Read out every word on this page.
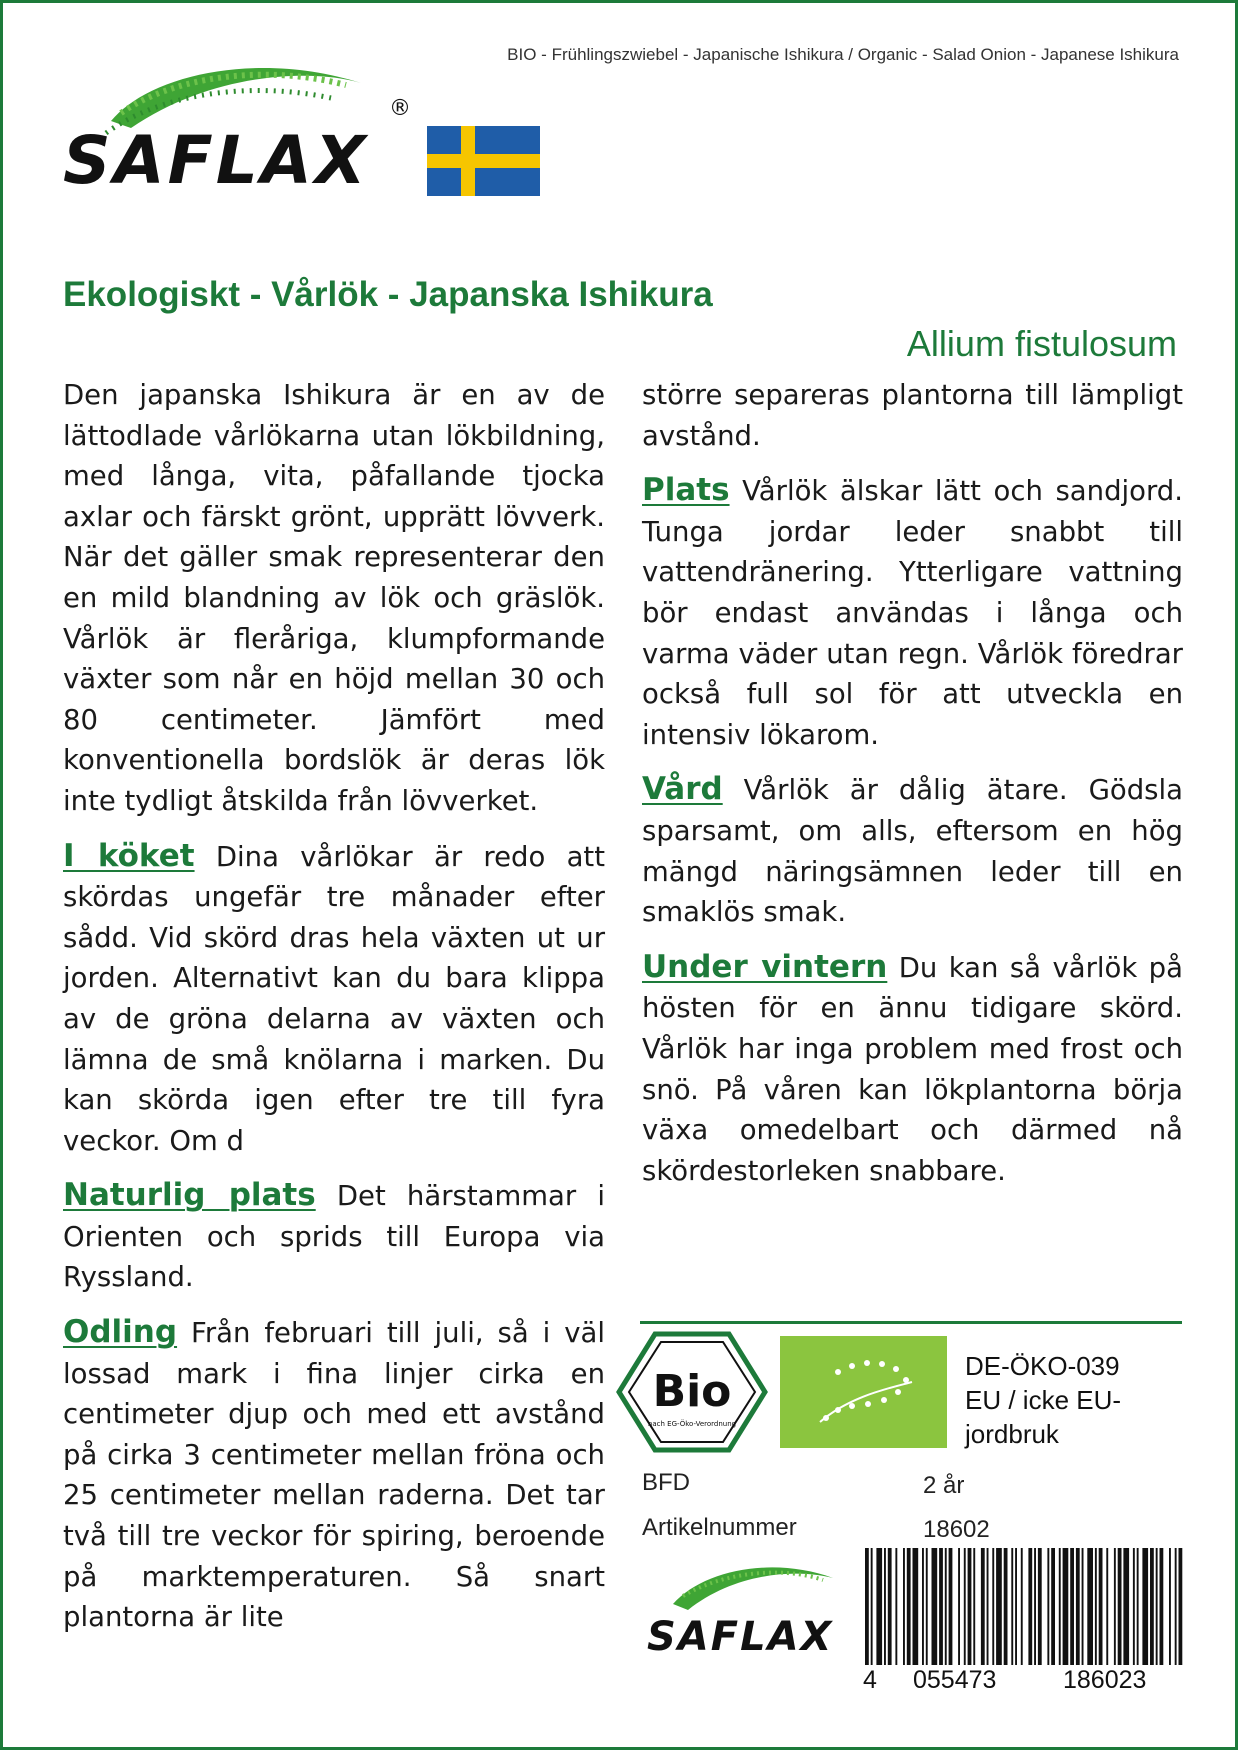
BIO - Frühlingszwiebel - Japanische Ishikura / Organic - Salad Onion - Japanese Ishikura
SAFLAX
®
Ekologiskt - Vårlök - Japanska Ishikura
Allium fistulosum

Den japanska Ishikura är en av de lättodlade vårlökarna utan lökbildning, med långa, vita, påfallande tjocka axlar och färskt grönt, upprätt lövverk. När det gäller smak representerar den en mild blandning av lök och gräslök. Vårlök är fleråriga, klumpformande växter som når en höjd mellan 30 och 80 centimeter. Jämfört med konventionella bordslök är deras lök inte tydligt åtskilda från lövverket.

I köket Dina vårlökar är redo att skördas ungefär tre månader efter sådd. Vid skörd dras hela växten ut ur jorden. Alternativt kan du bara klippa av de gröna delarna av växten och lämna de små knölarna i marken. Du kan skörda igen efter tre till fyra veckor. Om d

Naturlig plats Det härstammar i Orienten och sprids till Europa via Ryssland.

Odling Från februari till juli, så i väl lossad mark i fina linjer cirka en centimeter djup och med ett avstånd på cirka 3 centimeter mellan fröna och 25 centimeter mellan raderna. Det tar två till tre veckor för spiring, beroende på marktemperaturen. Så snart plantorna är lite

större separeras plantorna till lämpligt avstånd.

Plats Vårlök älskar lätt och sandjord. Tunga jordar leder snabbt till vattendränering. Ytterligare vattning bör endast användas i långa och varma väder utan regn. Vårlök föredrar också full sol för att utveckla en intensiv lökarom.

Vård Vårlök är dålig ätare. Gödsla sparsamt, om alls, eftersom en hög mängd näringsämnen leder till en smaklös smak.

Under vintern Du kan så vårlök på hösten för en ännu tidigare skörd. Vårlök har inga problem med frost och snö. På våren kan lökplantorna börja växa omedelbart och därmed nå skördestorleken snabbare.

Bio
nach EG-Öko-Verordnung
DE-ÖKO-039
EU / icke EU-
jordbruk
BFD	2 år
Artikelnummer	18602
SAFLAX
4 055473	186023
